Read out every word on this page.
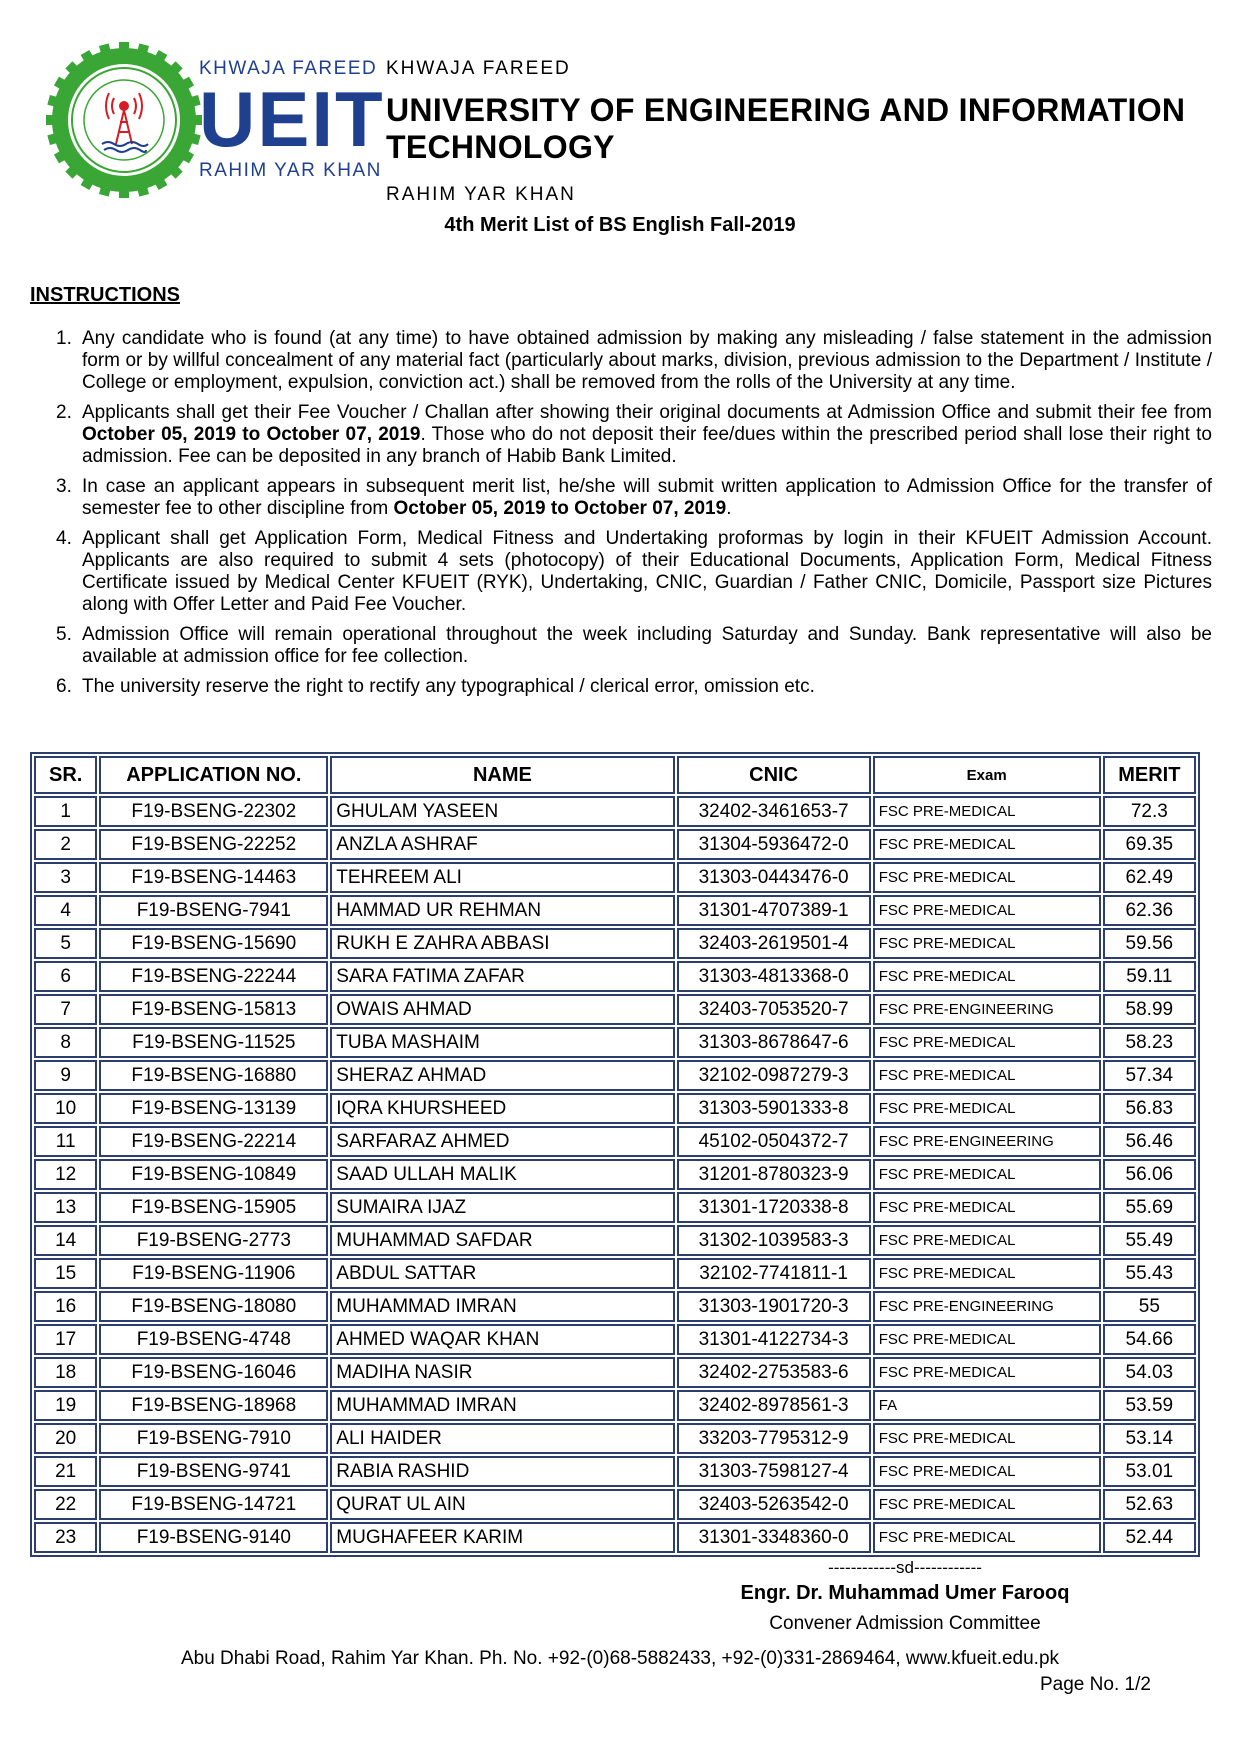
KHWAJA FAREED
UEIT
RAHIM YAR KHAN
KHWAJA FAREED
UNIVERSITY OF ENGINEERING AND INFORMATION TECHNOLOGY
RAHIM YAR KHAN
4th Merit List of BS English Fall-2019
INSTRUCTIONS
1. Any candidate who is found (at any time) to have obtained admission by making any misleading / false statement in the admission form or by willful concealment of any material fact (particularly about marks, division, previous admission to the Department / Institute / College or employment, expulsion, conviction act.) shall be removed from the rolls of the University at any time.
2. Applicants shall get their Fee Voucher / Challan after showing their original documents at Admission Office and submit their fee from October 05, 2019 to October 07, 2019. Those who do not deposit their fee/dues within the prescribed period shall lose their right to admission. Fee can be deposited in any branch of Habib Bank Limited.
3. In case an applicant appears in subsequent merit list, he/she will submit written application to Admission Office for the transfer of semester fee to other discipline from October 05, 2019 to October 07, 2019.
4. Applicant shall get Application Form, Medical Fitness and Undertaking proformas by login in their KFUEIT Admission Account. Applicants are also required to submit 4 sets (photocopy) of their Educational Documents, Application Form, Medical Fitness Certificate issued by Medical Center KFUEIT (RYK), Undertaking, CNIC, Guardian / Father CNIC, Domicile, Passport size Pictures along with Offer Letter and Paid Fee Voucher.
5. Admission Office will remain operational throughout the week including Saturday and Sunday. Bank representative will also be available at admission office for fee collection.
6. The university reserve the right to rectify any typographical / clerical error, omission etc.
SR.	APPLICATION NO.	NAME	CNIC	Exam	MERIT
1	F19-BSENG-22302	GHULAM YASEEN	32402-3461653-7	FSC PRE-MEDICAL	72.3
2	F19-BSENG-22252	ANZLA ASHRAF	31304-5936472-0	FSC PRE-MEDICAL	69.35
3	F19-BSENG-14463	TEHREEM ALI	31303-0443476-0	FSC PRE-MEDICAL	62.49
4	F19-BSENG-7941	HAMMAD UR REHMAN	31301-4707389-1	FSC PRE-MEDICAL	62.36
5	F19-BSENG-15690	RUKH E ZAHRA ABBASI	32403-2619501-4	FSC PRE-MEDICAL	59.56
6	F19-BSENG-22244	SARA FATIMA ZAFAR	31303-4813368-0	FSC PRE-MEDICAL	59.11
7	F19-BSENG-15813	OWAIS AHMAD	32403-7053520-7	FSC PRE-ENGINEERING	58.99
8	F19-BSENG-11525	TUBA MASHAIM	31303-8678647-6	FSC PRE-MEDICAL	58.23
9	F19-BSENG-16880	SHERAZ AHMAD	32102-0987279-3	FSC PRE-MEDICAL	57.34
10	F19-BSENG-13139	IQRA KHURSHEED	31303-5901333-8	FSC PRE-MEDICAL	56.83
11	F19-BSENG-22214	SARFARAZ AHMED	45102-0504372-7	FSC PRE-ENGINEERING	56.46
12	F19-BSENG-10849	SAAD ULLAH MALIK	31201-8780323-9	FSC PRE-MEDICAL	56.06
13	F19-BSENG-15905	SUMAIRA IJAZ	31301-1720338-8	FSC PRE-MEDICAL	55.69
14	F19-BSENG-2773	MUHAMMAD SAFDAR	31302-1039583-3	FSC PRE-MEDICAL	55.49
15	F19-BSENG-11906	ABDUL SATTAR	32102-7741811-1	FSC PRE-MEDICAL	55.43
16	F19-BSENG-18080	MUHAMMAD IMRAN	31303-1901720-3	FSC PRE-ENGINEERING	55
17	F19-BSENG-4748	AHMED WAQAR KHAN	31301-4122734-3	FSC PRE-MEDICAL	54.66
18	F19-BSENG-16046	MADIHA NASIR	32402-2753583-6	FSC PRE-MEDICAL	54.03
19	F19-BSENG-18968	MUHAMMAD IMRAN	32402-8978561-3	FA	53.59
20	F19-BSENG-7910	ALI HAIDER	33203-7795312-9	FSC PRE-MEDICAL	53.14
21	F19-BSENG-9741	RABIA RASHID	31303-7598127-4	FSC PRE-MEDICAL	53.01
22	F19-BSENG-14721	QURAT UL AIN	32403-5263542-0	FSC PRE-MEDICAL	52.63
23	F19-BSENG-9140	MUGHAFEER KARIM	31301-3348360-0	FSC PRE-MEDICAL	52.44
------------sd------------
Engr. Dr. Muhammad Umer Farooq
Convener Admission Committee
Abu Dhabi Road, Rahim Yar Khan. Ph. No. +92-(0)68-5882433, +92-(0)331-2869464, www.kfueit.edu.pk
Page No. 1/2
